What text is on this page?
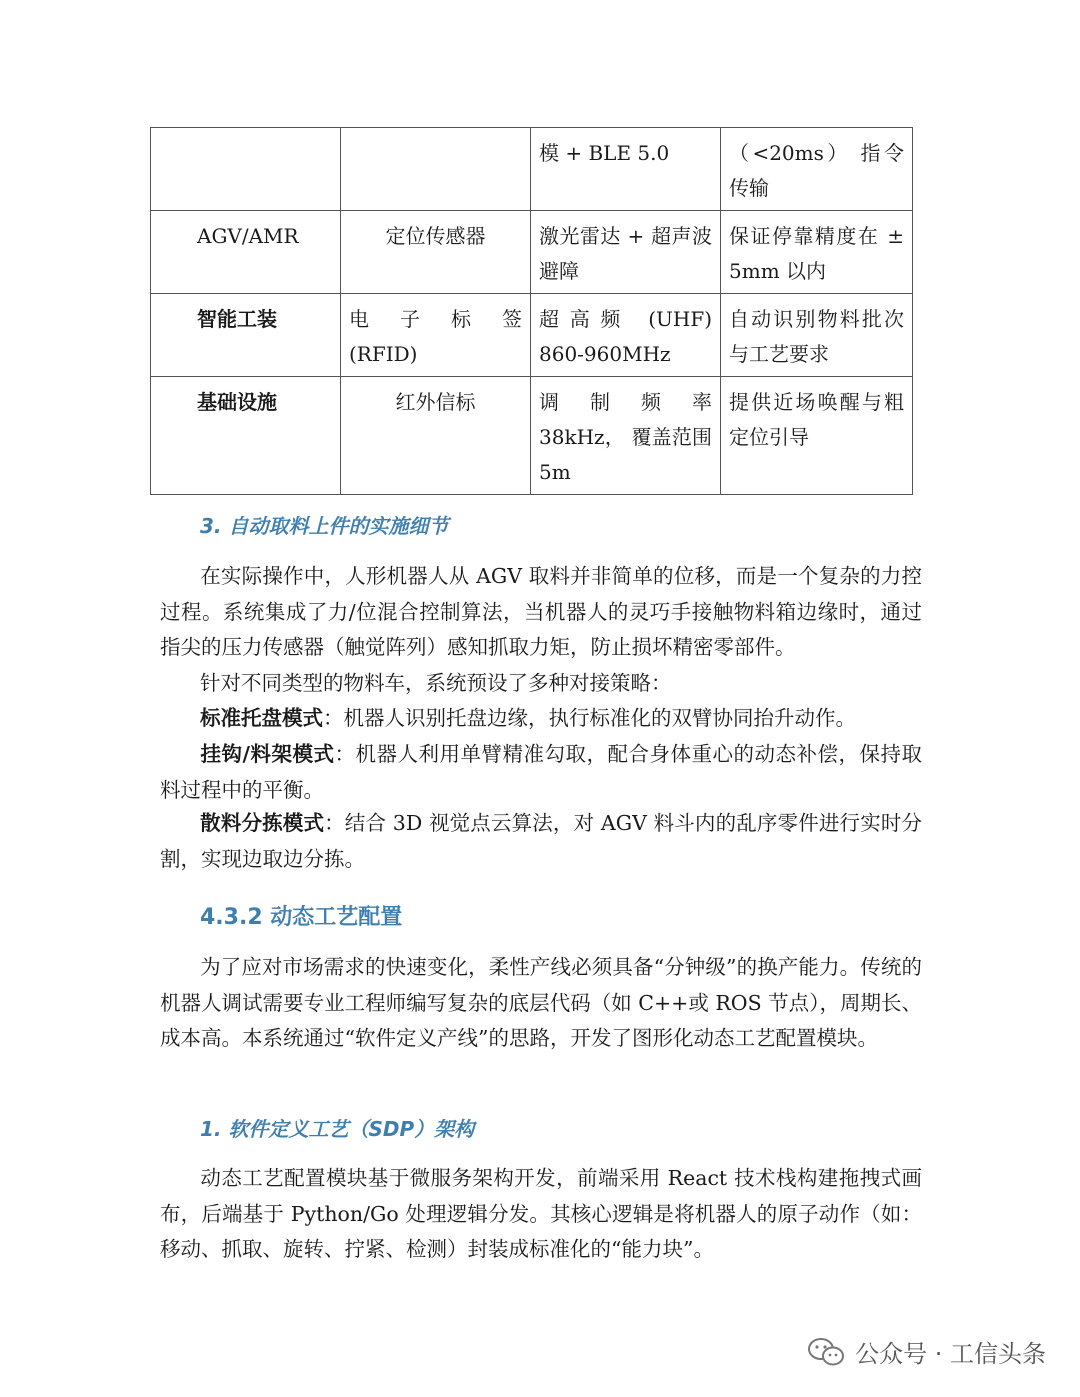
		模 + BLE 5.0	（<20ms） 指令传输
AGV/AMR	定位传感器	激光雷达 + 超声波避障	保证停靠精度在 ± 5mm 以内
智能工装	电 子 标 签 (RFID)	超高频 (UHF) 860-960MHz	自动识别物料批次与工艺要求
基础设施	红外信标	调 制 频 率 38kHz， 覆盖范围 5m	提供近场唤醒与粗定位引导
3. 自动取料上件的实施细节

在实际操作中，人形机器人从 AGV 取料并非简单的位移，而是一个复杂的力控过程。系统集成了力/位混合控制算法，当机器人的灵巧手接触物料箱边缘时，通过指尖的压力传感器（触觉阵列）感知抓取力矩，防止损坏精密零部件。

针对不同类型的物料车，系统预设了多种对接策略：

标准托盘模式：机器人识别托盘边缘，执行标准化的双臂协同抬升动作。

挂钩/料架模式：机器人利用单臂精准勾取，配合身体重心的动态补偿，保持取料过程中的平衡。

散料分拣模式：结合 3D 视觉点云算法，对 AGV 料斗内的乱序零件进行实时分割，实现边取边分拣。

4.3.2 动态工艺配置

为了应对市场需求的快速变化，柔性产线必须具备“分钟级”的换产能力。传统的机器人调试需要专业工程师编写复杂的底层代码（如 C++或 ROS 节点），周期长、成本高。本系统通过“软件定义产线”的思路，开发了图形化动态工艺配置模块。

1. 软件定义工艺（SDP）架构

动态工艺配置模块基于微服务架构开发，前端采用 React 技术栈构建拖拽式画布，后端基于 Python/Go 处理逻辑分发。其核心逻辑是将机器人的原子动作（如：移动、抓取、旋转、拧紧、检测）封装成标准化的“能力块”。

公众号 · 工信头条
